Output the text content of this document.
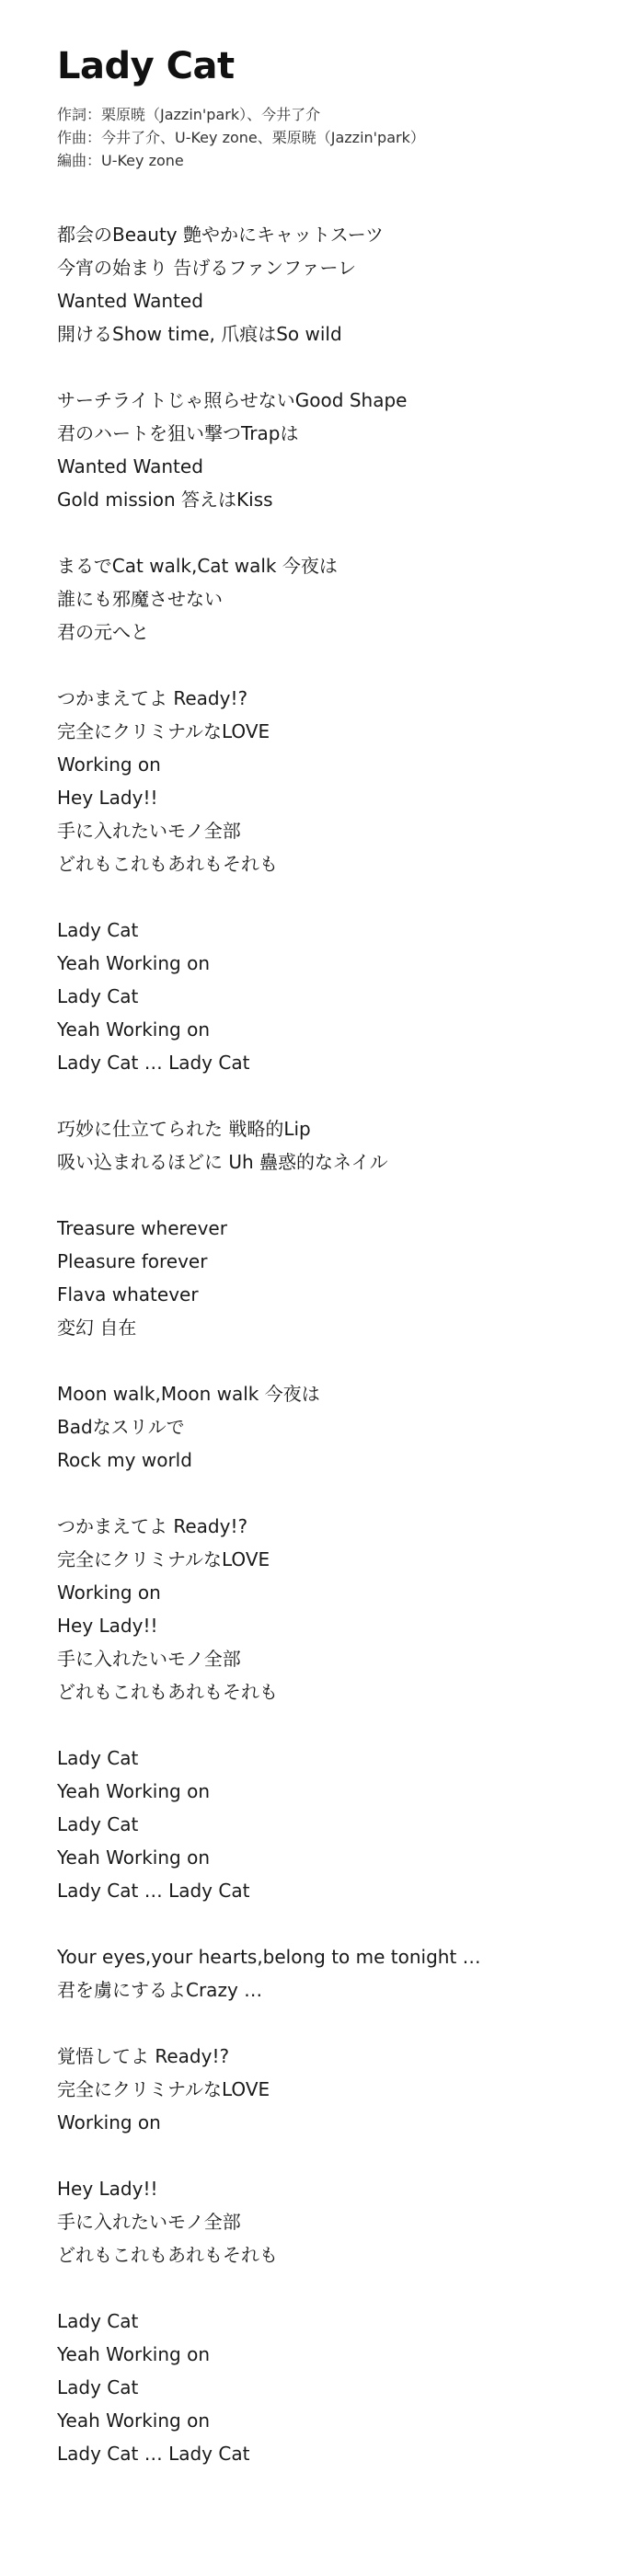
Lady Cat
作詞：栗原暁（Jazzin'park）、今井了介
作曲：今井了介、U-Key zone、栗原暁（Jazzin'park）
編曲：U-Key zone
都会のBeauty 艶やかにキャットスーツ
今宵の始まり 告げるファンファーレ
Wanted Wanted
開けるShow time, 爪痕はSo wild
サーチライトじゃ照らせないGood Shape
君のハートを狙い撃つTrapは
Wanted Wanted
Gold mission 答えはKiss
まるでCat walk,Cat walk 今夜は
誰にも邪魔させない
君の元へと
つかまえてよ Ready!?
完全にクリミナルなLOVE
Working on
Hey Lady!!
手に入れたいモノ全部
どれもこれもあれもそれも
Lady Cat
Yeah Working on
Lady Cat
Yeah Working on
Lady Cat … Lady Cat
巧妙に仕立てられた 戦略的Lip
吸い込まれるほどに Uh 蠱惑的なネイル
Treasure wherever
Pleasure forever
Flava whatever
変幻 自在
Moon walk,Moon walk 今夜は
Badなスリルで
Rock my world
つかまえてよ Ready!?
完全にクリミナルなLOVE
Working on
Hey Lady!!
手に入れたいモノ全部
どれもこれもあれもそれも
Lady Cat
Yeah Working on
Lady Cat
Yeah Working on
Lady Cat … Lady Cat
Your eyes,your hearts,belong to me tonight …
君を虜にするよCrazy …
覚悟してよ Ready!?
完全にクリミナルなLOVE
Working on
Hey Lady!!
手に入れたいモノ全部
どれもこれもあれもそれも
Lady Cat
Yeah Working on
Lady Cat
Yeah Working on
Lady Cat … Lady Cat
